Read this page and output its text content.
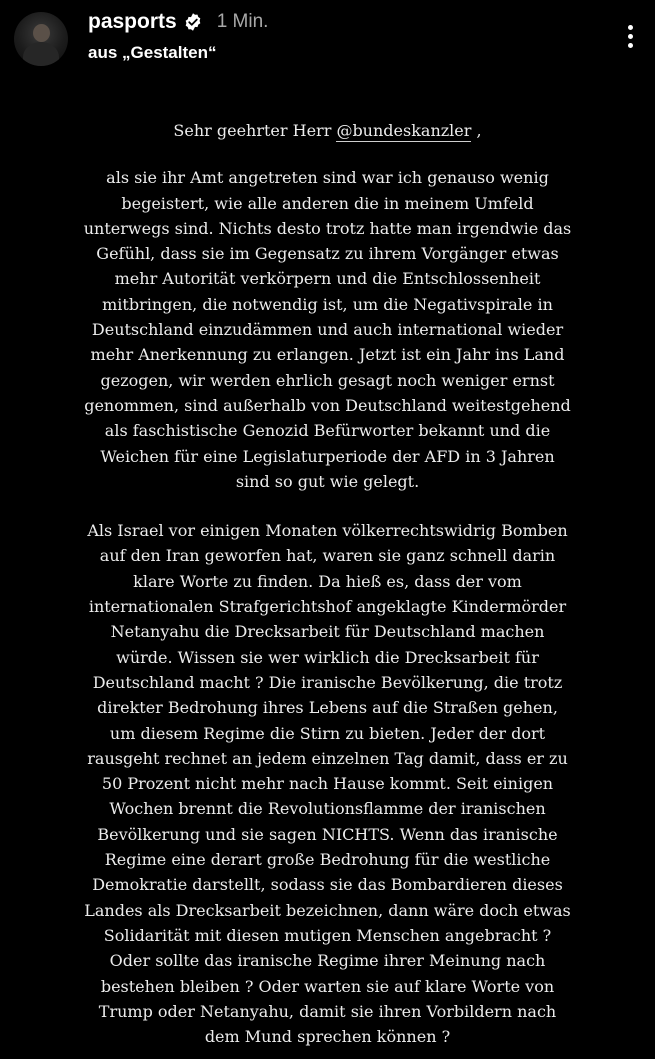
pasports 1 Min.
aus „Gestalten“
Sehr geehrter Herr @bundeskanzler ,
als sie ihr Amt angetreten sind war ich genauso wenig
begeistert, wie alle anderen die in meinem Umfeld
unterwegs sind. Nichts desto trotz hatte man irgendwie das
Gefühl, dass sie im Gegensatz zu ihrem Vorgänger etwas
mehr Autorität verkörpern und die Entschlossenheit
mitbringen, die notwendig ist, um die Negativspirale in
Deutschland einzudämmen und auch international wieder
mehr Anerkennung zu erlangen. Jetzt ist ein Jahr ins Land
gezogen, wir werden ehrlich gesagt noch weniger ernst
genommen, sind außerhalb von Deutschland weitestgehend
als faschistische Genozid Befürworter bekannt und die
Weichen für eine Legislaturperiode der AFD in 3 Jahren
sind so gut wie gelegt.
Als Israel vor einigen Monaten völkerrechtswidrig Bomben
auf den Iran geworfen hat, waren sie ganz schnell darin
klare Worte zu finden. Da hieß es, dass der vom
internationalen Strafgerichtshof angeklagte Kindermörder
Netanyahu die Drecksarbeit für Deutschland machen
würde. Wissen sie wer wirklich die Drecksarbeit für
Deutschland macht ? Die iranische Bevölkerung, die trotz
direkter Bedrohung ihres Lebens auf die Straßen gehen,
um diesem Regime die Stirn zu bieten. Jeder der dort
rausgeht rechnet an jedem einzelnen Tag damit, dass er zu
50 Prozent nicht mehr nach Hause kommt. Seit einigen
Wochen brennt die Revolutionsflamme der iranischen
Bevölkerung und sie sagen NICHTS. Wenn das iranische
Regime eine derart große Bedrohung für die westliche
Demokratie darstellt, sodass sie das Bombardieren dieses
Landes als Drecksarbeit bezeichnen, dann wäre doch etwas
Solidarität mit diesen mutigen Menschen angebracht ?
Oder sollte das iranische Regime ihrer Meinung nach
bestehen bleiben ? Oder warten sie auf klare Worte von
Trump oder Netanyahu, damit sie ihren Vorbildern nach
dem Mund sprechen können ?
